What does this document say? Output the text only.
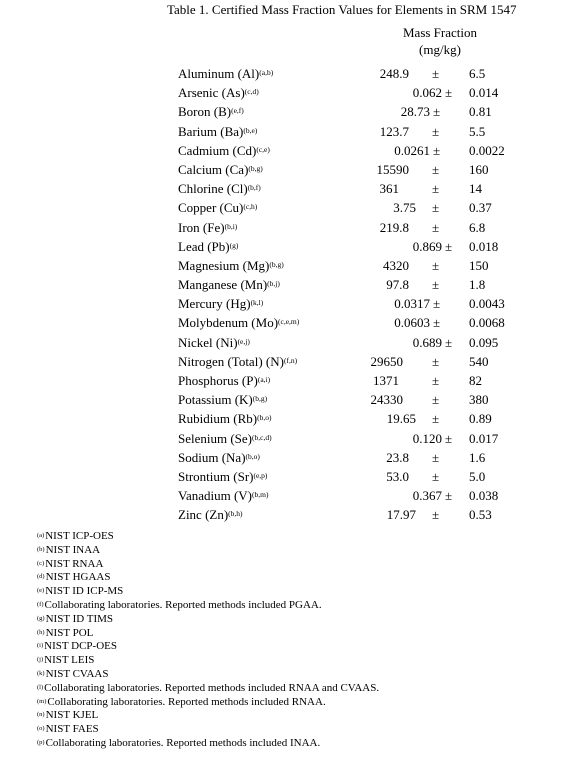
Table 1. Certified Mass Fraction Values for Elements in SRM 1547
Mass Fraction
(mg/kg)
Aluminum $(Al)^{(a,b)}$	248.9 ± 6.5
Arsenic $(As)^{(c,d)}$	0.062 ± 0.014
Boron $(B)^{(e,f)}$	28.73 ± 0.81
Barium $(Ba)^{(b,e)}$	123.7 ± 5.5
Cadmium $(Cd)^{(c,e)}$	0.0261 ± 0.0022
Calcium $(Ca)^{(b,g)}$	15590 ± 160
Chlorine $(Cl)^{(b,f)}$	361	± 14
Copper $(Cu)^{(c,h)}$	3.75 ± 0.37
Iron $(Fe)^{(b,i)}$	219.8 ± 6.8
Lead $(Pb)^{(g)}$	0.869 ± 0.018
Magnesium $(Mg)^{(b,g)}$	4320 ± 150
Manganese $(Mn)^{(b,j)}$	97.8 ± 1.8
Mercury $(Hg)^{(k,l)}$	0.0317 ± 0.0043
Molybdenum $(Mo)^{(c,e,m)}$	0.0603 ± 0.0068
Nickel $(Ni)^{(e,j)}$	0.689 ± 0.095
Nitrogen (Total) $(N)^{(f,n)}$	29650 ± 540
Phosphorus $(P)^{(a,i)}$	1371	± 82
Potassium $(K)^{(b,g)}$	24330 ± 380
Rubidium $(Rb)^{(b,o)}$	19.65 ± 0.89
Selenium $(Se)^{(b,c,d)}$	0.120 ± 0.017
Sodium $(Na)^{(b,o)}$	23.8 ± 1.6
Strontium $(Sr)^{(e,p)}$	53.0 ± 5.0
Vanadium $(V)^{(b,m)}$	0.367 ± 0.038
Zinc $(Zn)^{(b,h)}$	17.97 ± 0.53
$^{(a)}$NIST ICP-OES
$^{(b)}$NIST INAA
$^{(c)}$NIST RNAA
$^{(d)}$NIST HGAAS
$^{(e)}$NIST ID ICP-MS
$^{(f)}$Collaborating laboratories. Reported methods included PGAA.
$^{(g)}$NIST ID TIMS
$^{(h)}$NIST POL
$^{(i)}$NIST DCP-OES
$^{(j)}$NIST LEIS
$^{(k)}$NIST CVAAS
$^{(l)}$Collaborating laboratories. Reported methods included RNAA and CVAAS.
$^{(m)}$Collaborating laboratories. Reported methods included RNAA.
$^{(n)}$NIST KJEL
$^{(o)}$NIST FAES
$^{(p)}$Collaborating laboratories. Reported methods included INAA.
